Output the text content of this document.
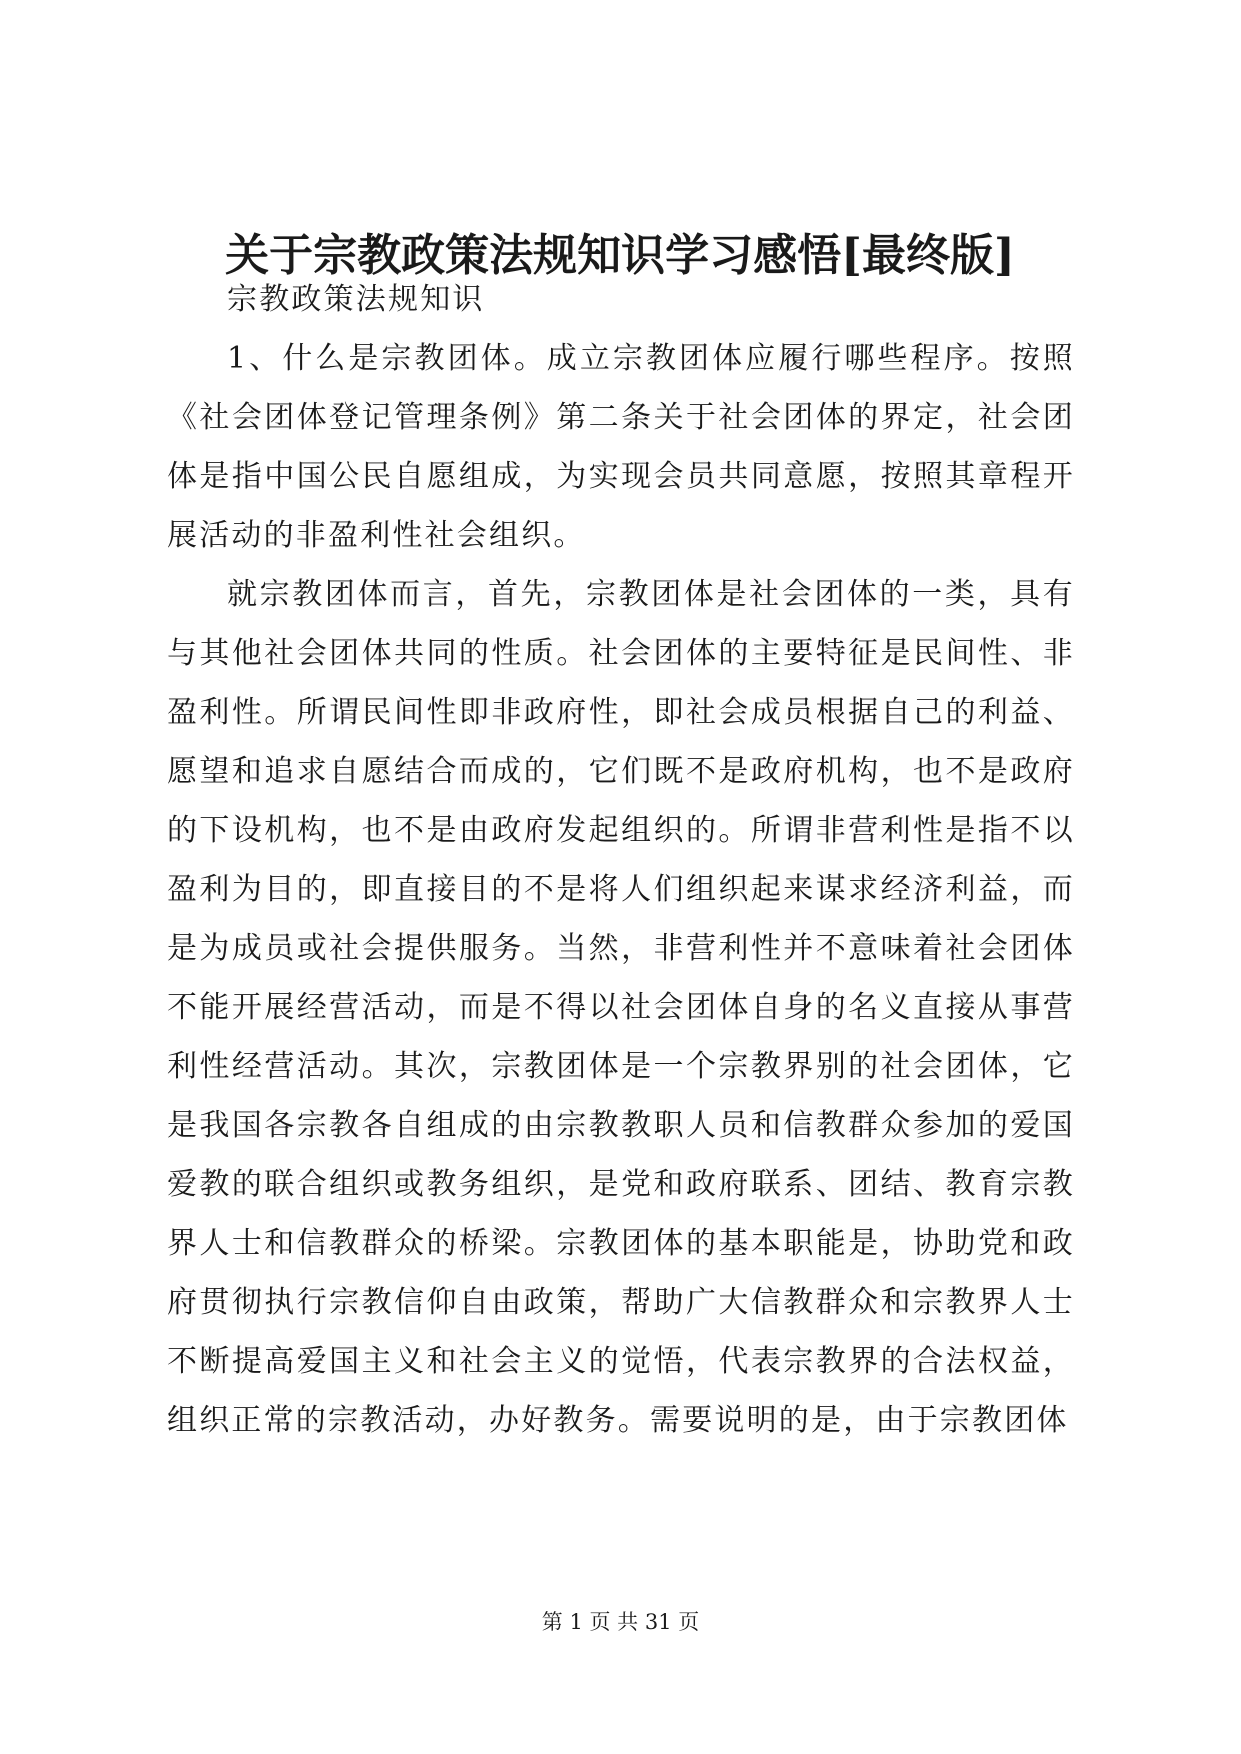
关于宗教政策法规知识学习感悟[最终版]

宗教政策法规知识

1、什么是宗教团体。成立宗教团体应履行哪些程序。按照《社会团体登记管理条例》第二条关于社会团体的界定，社会团体是指中国公民自愿组成，为实现会员共同意愿，按照其章程开展活动的非盈利性社会组织。

就宗教团体而言，首先，宗教团体是社会团体的一类，具有与其他社会团体共同的性质。社会团体的主要特征是民间性、非盈利性。所谓民间性即非政府性，即社会成员根据自己的利益、愿望和追求自愿结合而成的，它们既不是政府机构，也不是政府的下设机构，也不是由政府发起组织的。所谓非营利性是指不以盈利为目的，即直接目的不是将人们组织起来谋求经济利益，而是为成员或社会提供服务。当然，非营利性并不意味着社会团体不能开展经营活动，而是不得以社会团体自身的名义直接从事营利性经营活动。其次，宗教团体是一个宗教界别的社会团体，它是我国各宗教各自组成的由宗教教职人员和信教群众参加的爱国爱教的联合组织或教务组织，是党和政府联系、团结、教育宗教界人士和信教群众的桥梁。宗教团体的基本职能是，协助党和政府贯彻执行宗教信仰自由政策，帮助广大信教群众和宗教界人士不断提高爱国主义和社会主义的觉悟，代表宗教界的合法权益，组织正常的宗教活动，办好教务。需要说明的是，由于宗教团体

第 1 页 共 31 页
